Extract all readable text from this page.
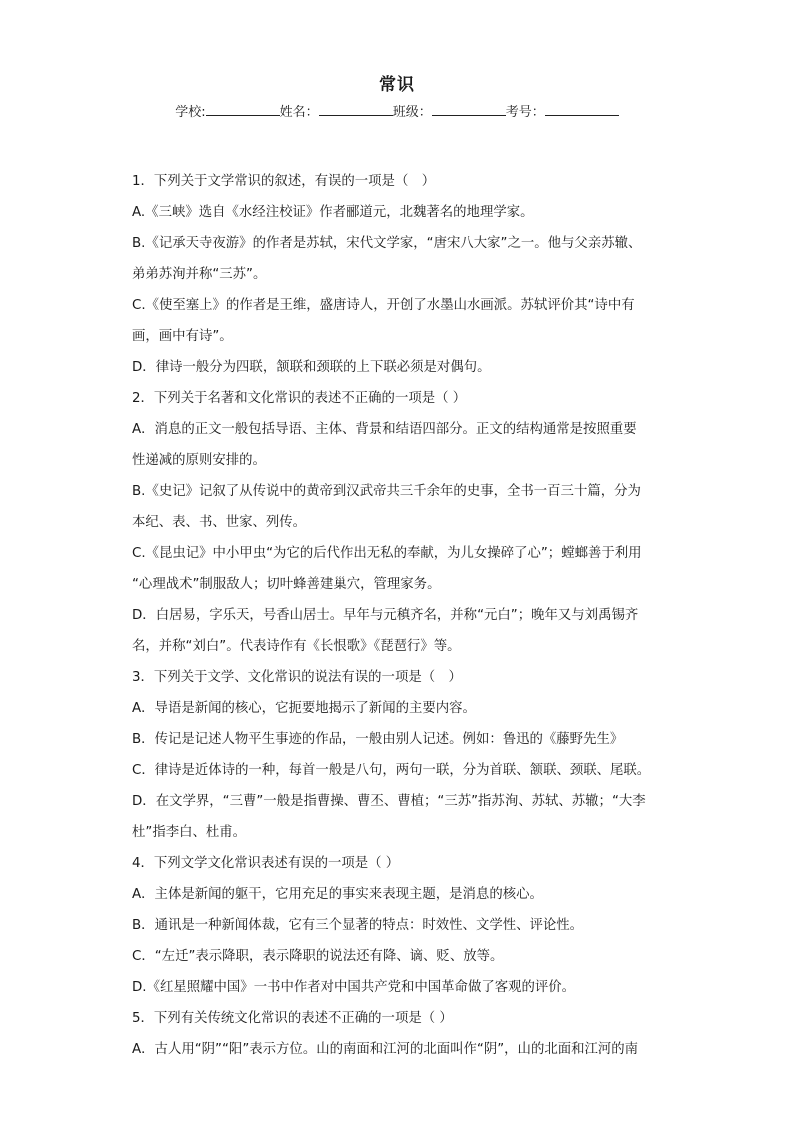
常识
学校:	姓名：	班级：	考号：
1．下列关于文学常识的叙述，有误的一项是（　）
A.《三峡》选自《水经注校证》作者郦道元，北魏著名的地理学家。
B.《记承天寺夜游》的作者是苏轼，宋代文学家，“唐宋八大家”之一。他与父亲苏辙、
弟弟苏洵并称“三苏”。
C.《使至塞上》的作者是王维，盛唐诗人，开创了水墨山水画派。苏轼评价其“诗中有
画，画中有诗”。
D．律诗一般分为四联，颔联和颈联的上下联必须是对偶句。
2．下列关于名著和文化常识的表述不正确的一项是（ ）
A．消息的正文一般包括导语、主体、背景和结语四部分。正文的结构通常是按照重要
性递减的原则安排的。
B.《史记》记叙了从传说中的黄帝到汉武帝共三千余年的史事，全书一百三十篇，分为
本纪、表、书、世家、列传。
C.《昆虫记》中小甲虫“为它的后代作出无私的奉献，为儿女操碎了心”；螳螂善于利用
“心理战术”制服敌人；切叶蜂善建巢穴，管理家务。
D．白居易，字乐天，号香山居士。早年与元稹齐名，并称“元白”；晚年又与刘禹锡齐
名，并称“刘白”。代表诗作有《长恨歌》《琵琶行》等。
3．下列关于文学、文化常识的说法有误的一项是（　）
A．导语是新闻的核心，它扼要地揭示了新闻的主要内容。
B．传记是记述人物平生事迹的作品，一般由别人记述。例如：鲁迅的《藤野先生》
C．律诗是近体诗的一种，每首一般是八句，两句一联，分为首联、颔联、颈联、尾联。
D．在文学界，“三曹”一般是指曹操、曹丕、曹植；“三苏”指苏洵、苏轼、苏辙；“大李
杜”指李白、杜甫。
4．下列文学文化常识表述有误的一项是（ ）
A．主体是新闻的躯干，它用充足的事实来表现主题，是消息的核心。
B．通讯是一种新闻体裁，它有三个显著的特点：时效性、文学性、评论性。
C．“左迁”表示降职，表示降职的说法还有降、谪、贬、放等。
D.《红星照耀中国》一书中作者对中国共产党和中国革命做了客观的评价。
5．下列有关传统文化常识的表述不正确的一项是（ ）
A．古人用“阴”“阳”表示方位。山的南面和江河的北面叫作“阴”，山的北面和江河的南
